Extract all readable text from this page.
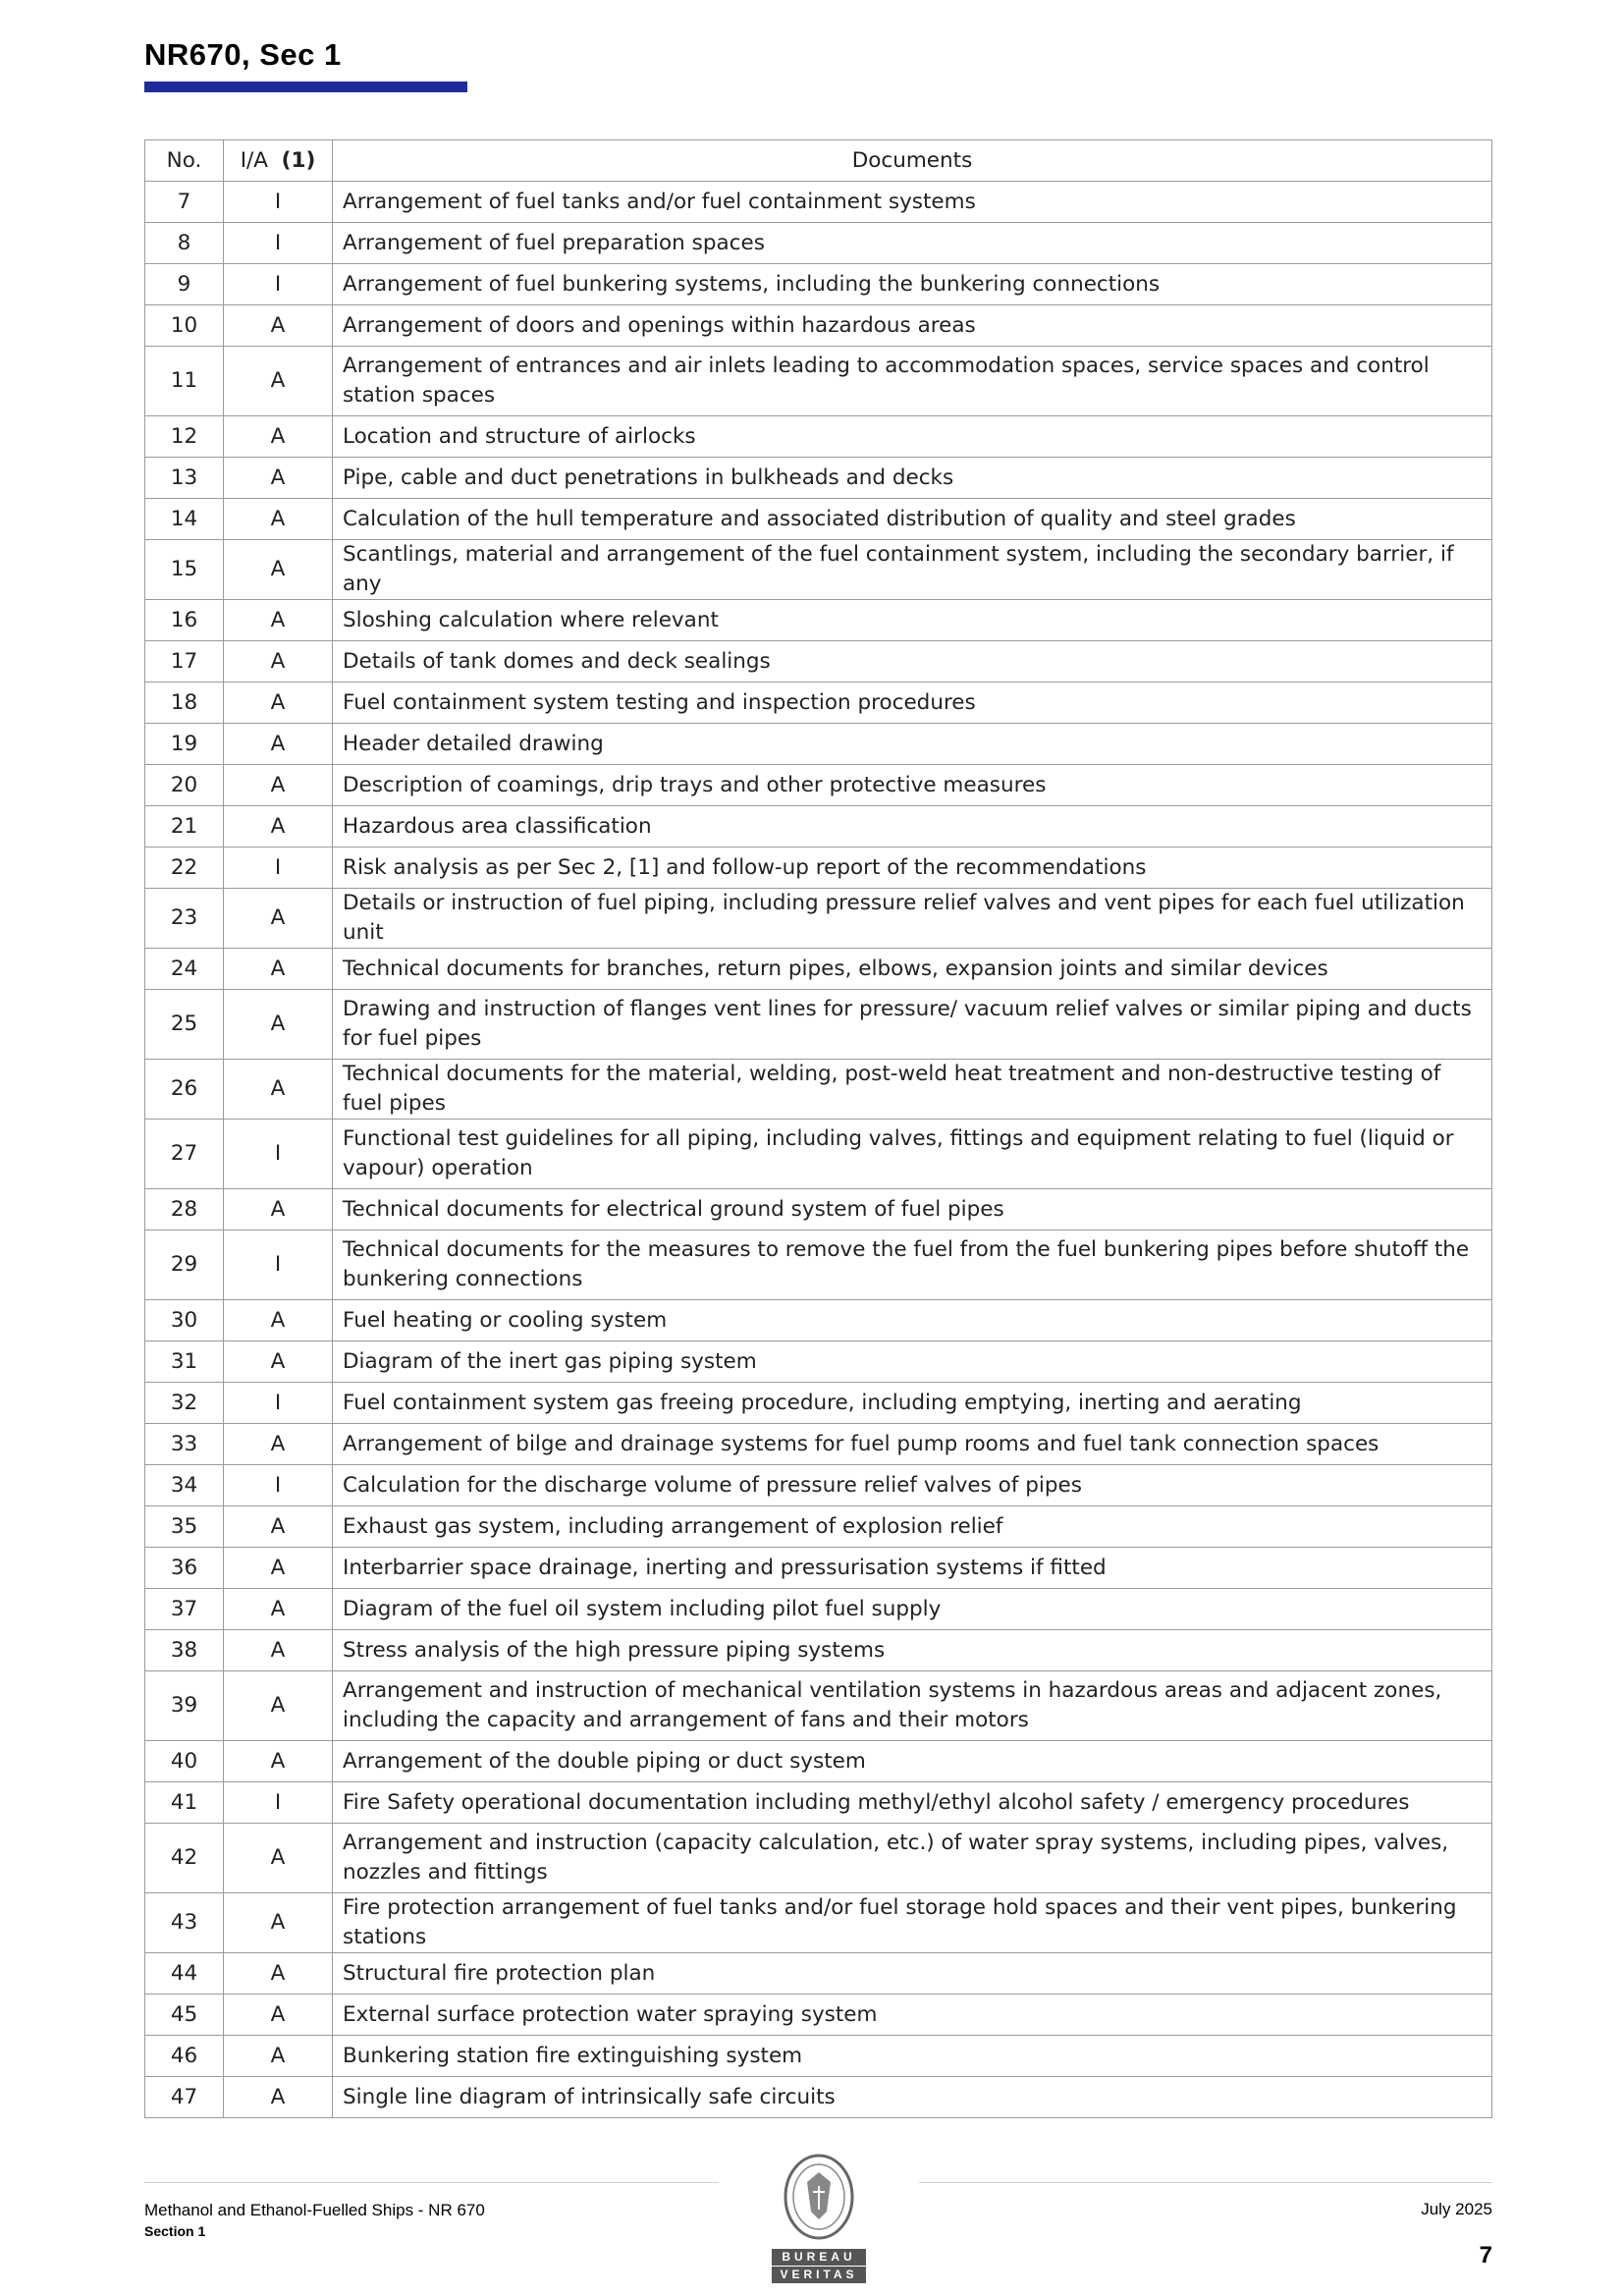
NR670, Sec 1
No.	I/A (1)	Documents
7	I	Arrangement of fuel tanks and/or fuel containment systems
8	I	Arrangement of fuel preparation spaces
9	I	Arrangement of fuel bunkering systems, including the bunkering connections
10	A	Arrangement of doors and openings within hazardous areas
11	A	Arrangement of entrances and air inlets leading to accommodation spaces, service spaces and control station spaces
12	A	Location and structure of airlocks
13	A	Pipe, cable and duct penetrations in bulkheads and decks
14	A	Calculation of the hull temperature and associated distribution of quality and steel grades
15	A	Scantlings, material and arrangement of the fuel containment system, including the secondary barrier, if any
16	A	Sloshing calculation where relevant
17	A	Details of tank domes and deck sealings
18	A	Fuel containment system testing and inspection procedures
19	A	Header detailed drawing
20	A	Description of coamings, drip trays and other protective measures
21	A	Hazardous area classification
22	I	Risk analysis as per Sec 2, [1] and follow-up report of the recommendations
23	A	Details or instruction of fuel piping, including pressure relief valves and vent pipes for each fuel utilization unit
24	A	Technical documents for branches, return pipes, elbows, expansion joints and similar devices
25	A	Drawing and instruction of flanges vent lines for pressure/ vacuum relief valves or similar piping and ducts for fuel pipes
26	A	Technical documents for the material, welding, post-weld heat treatment and non-destructive testing of fuel pipes
27	I	Functional test guidelines for all piping, including valves, fittings and equipment relating to fuel (liquid or vapour) operation
28	A	Technical documents for electrical ground system of fuel pipes
29	I	Technical documents for the measures to remove the fuel from the fuel bunkering pipes before shutoff the bunkering connections
30	A	Fuel heating or cooling system
31	A	Diagram of the inert gas piping system
32	I	Fuel containment system gas freeing procedure, including emptying, inerting and aerating
33	A	Arrangement of bilge and drainage systems for fuel pump rooms and fuel tank connection spaces
34	I	Calculation for the discharge volume of pressure relief valves of pipes
35	A	Exhaust gas system, including arrangement of explosion relief
36	A	Interbarrier space drainage, inerting and pressurisation systems if fitted
37	A	Diagram of the fuel oil system including pilot fuel supply
38	A	Stress analysis of the high pressure piping systems
39	A	Arrangement and instruction of mechanical ventilation systems in hazardous areas and adjacent zones, including the capacity and arrangement of fans and their motors
40	A	Arrangement of the double piping or duct system
41	I	Fire Safety operational documentation including methyl/ethyl alcohol safety / emergency procedures
42	A	Arrangement and instruction (capacity calculation, etc.) of water spray systems, including pipes, valves, nozzles and fittings
43	A	Fire protection arrangement of fuel tanks and/or fuel storage hold spaces and their vent pipes, bunkering stations
44	A	Structural fire protection plan
45	A	External surface protection water spraying system
46	A	Bunkering station fire extinguishing system
47	A	Single line diagram of intrinsically safe circuits
Methanol and Ethanol-Fuelled Ships - NR 670
Section 1
BUREAU
VERITAS
July 2025
7
